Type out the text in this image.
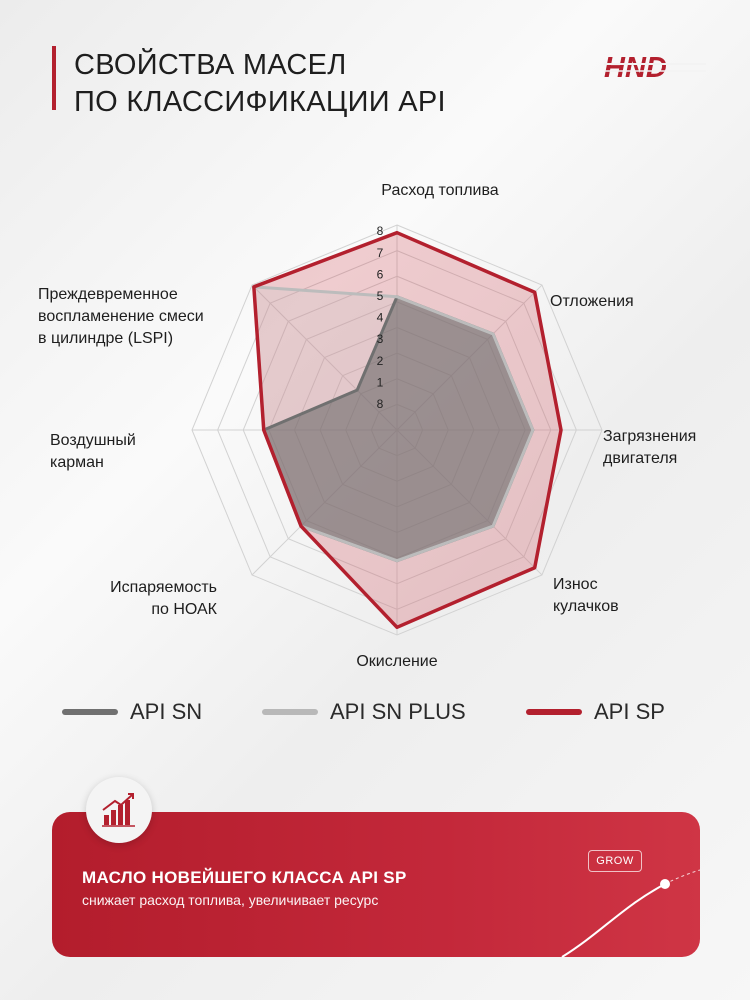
СВОЙСТВА МАСЕЛ
ПО КЛАССИФИКАЦИИ API
HND
8
1
2
3
4
5
6
7
8
Расход топлива
Отложения
Загрязнения двигателя
Износ кулачков
Окисление
Испаряемость по НОАК
Воздушный карман
Преждевременное воспламенение смеси в цилиндре (LSPI)
API SN	API SN PLUS	API SP
МАСЛО НОВЕЙШЕГО КЛАССА API SP
снижает расход топлива, увеличивает ресурс
GROW
